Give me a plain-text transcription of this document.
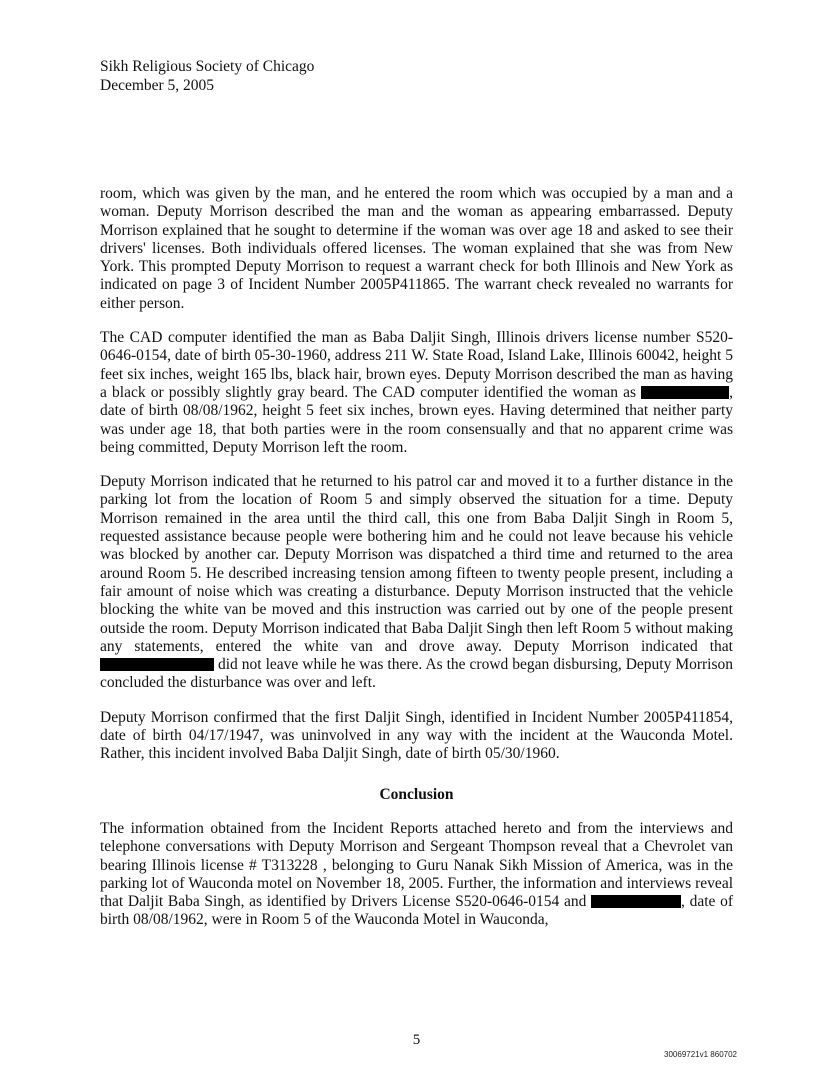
Sikh Religious Society of Chicago
December 5, 2005

room, which was given by the man, and he entered the room which was occupied by a man and a woman. Deputy Morrison described the man and the woman as appearing embarrassed. Deputy Morrison explained that he sought to determine if the woman was over age 18 and asked to see their drivers' licenses. Both individuals offered licenses. The woman explained that she was from New York. This prompted Deputy Morrison to request a warrant check for both Illinois and New York as indicated on page 3 of Incident Number 2005P411865. The warrant check revealed no warrants for either person.

The CAD computer identified the man as Baba Daljit Singh, Illinois drivers license number S520-0646-0154, date of birth 05-30-1960, address 211 W. State Road, Island Lake, Illinois 60042, height 5 feet six inches, weight 165 lbs, black hair, brown eyes. Deputy Morrison described the man as having a black or possibly slightly gray beard. The CAD computer identified the woman as	, date of birth 08/08/1962, height 5 feet six inches, brown eyes. Having determined that neither party was under age 18, that both parties were in the room consensually and that no apparent crime was being committed, Deputy Morrison left the room.

Deputy Morrison indicated that he returned to his patrol car and moved it to a further distance in the parking lot from the location of Room 5 and simply observed the situation for a time. Deputy Morrison remained in the area until the third call, this one from Baba Daljit Singh in Room 5, requested assistance because people were bothering him and he could not leave because his vehicle was blocked by another car. Deputy Morrison was dispatched a third time and returned to the area around Room 5. He described increasing tension among fifteen to twenty people present, including a fair amount of noise which was creating a disturbance. Deputy Morrison instructed that the vehicle blocking the white van be moved and this instruction was carried out by one of the people present outside the room. Deputy Morrison indicated that Baba Daljit Singh then left Room 5 without making any statements, entered the white van and drove away. Deputy Morrison indicated that  did not leave while he was there. As the crowd began disbursing, Deputy Morrison concluded the disturbance was over and left.

Deputy Morrison confirmed that the first Daljit Singh, identified in Incident Number 2005P411854, date of birth 04/17/1947, was uninvolved in any way with the incident at the Wauconda Motel. Rather, this incident involved Baba Daljit Singh, date of birth 05/30/1960.

Conclusion

The information obtained from the Incident Reports attached hereto and from the interviews and telephone conversations with Deputy Morrison and Sergeant Thompson reveal that a Chevrolet van bearing Illinois license # T313228 , belonging to Guru Nanak Sikh Mission of America, was in the parking lot of Wauconda motel on November 18, 2005. Further, the information and interviews reveal that Daljit Baba Singh, as identified by Drivers License S520-0646-0154 and	, date of birth 08/08/1962, were in Room 5 of the Wauconda Motel in Wauconda,

5
30069721v1 860702
